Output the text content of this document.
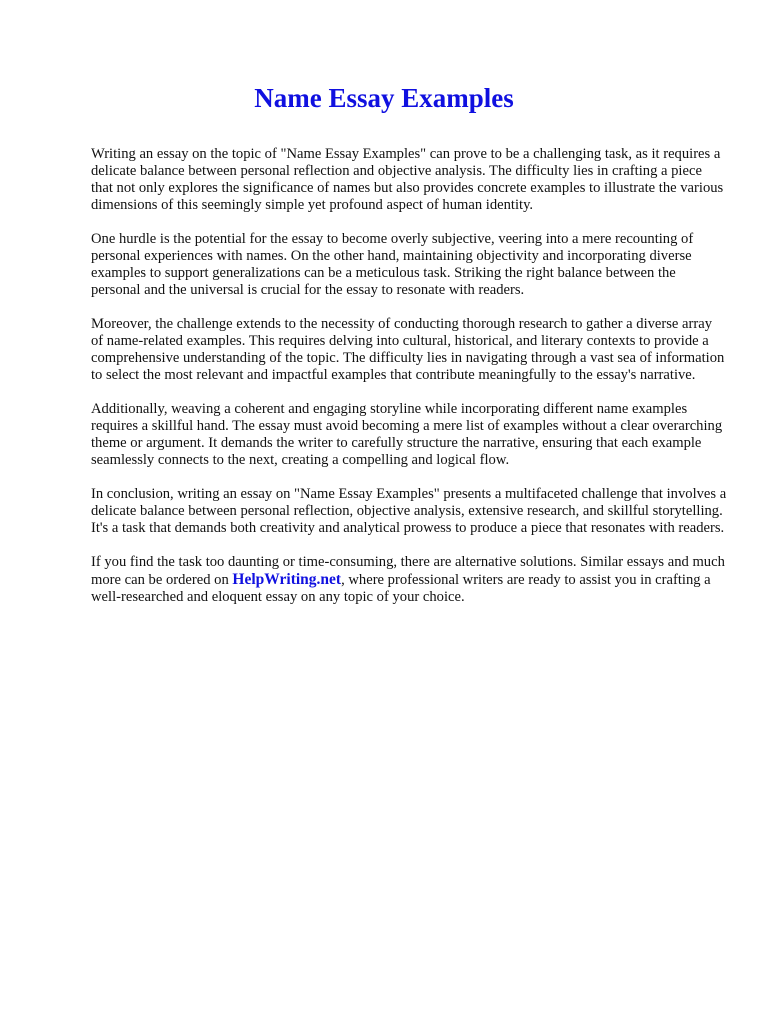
Name Essay Examples

Writing an essay on the topic of "Name Essay Examples" can prove to be a challenging task, as it requires a delicate balance between personal reflection and objective analysis. The difficulty lies in crafting a piece that not only explores the significance of names but also provides concrete examples to illustrate the various dimensions of this seemingly simple yet profound aspect of human identity.

One hurdle is the potential for the essay to become overly subjective, veering into a mere recounting of personal experiences with names. On the other hand, maintaining objectivity and incorporating diverse examples to support generalizations can be a meticulous task. Striking the right balance between the personal and the universal is crucial for the essay to resonate with readers.

Moreover, the challenge extends to the necessity of conducting thorough research to gather a diverse array of name-related examples. This requires delving into cultural, historical, and literary contexts to provide a comprehensive understanding of the topic. The difficulty lies in navigating through a vast sea of information to select the most relevant and impactful examples that contribute meaningfully to the essay's narrative.

Additionally, weaving a coherent and engaging storyline while incorporating different name examples requires a skillful hand. The essay must avoid becoming a mere list of examples without a clear overarching theme or argument. It demands the writer to carefully structure the narrative, ensuring that each example seamlessly connects to the next, creating a compelling and logical flow.

In conclusion, writing an essay on "Name Essay Examples" presents a multifaceted challenge that involves a delicate balance between personal reflection, objective analysis, extensive research, and skillful storytelling. It's a task that demands both creativity and analytical prowess to produce a piece that resonates with readers.

If you find the task too daunting or time-consuming, there are alternative solutions. Similar essays and much more can be ordered on HelpWriting.net, where professional writers are ready to assist you in crafting a well-researched and eloquent essay on any topic of your choice.
